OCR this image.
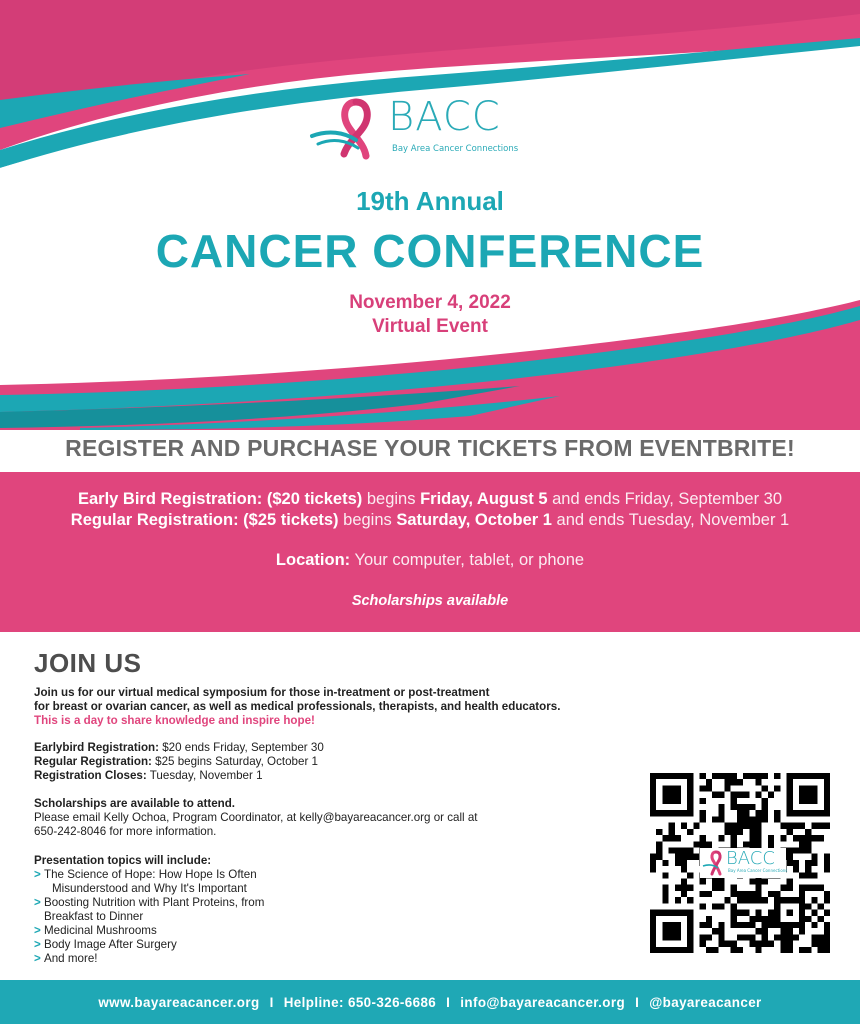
BACC
Bay Area Cancer Connections
19th Annual
CANCER CONFERENCE
November 4, 2022
Virtual Event
REGISTER AND PURCHASE YOUR TICKETS FROM EVENTBRITE!
Early Bird Registration: ($20 tickets) begins Friday, August 5 and ends Friday, September 30
Regular Registration: ($25 tickets) begins Saturday, October 1 and ends Tuesday, November 1
Location: Your computer, tablet, or phone
Scholarships available
JOIN US
Join us for our virtual medical symposium for those in-treatment or post-treatment
for breast or ovarian cancer, as well as medical professionals, therapists, and health educators.
This is a day to share knowledge and inspire hope!
Earlybird Registration: $20 ends Friday, September 30
Regular Registration: $25 begins Saturday, October 1
Registration Closes: Tuesday, November 1
Scholarships are available to attend.
Please email Kelly Ochoa, Program Coordinator, at kelly@bayareacancer.org or call at
650-242-8046 for more information.
Presentation topics will include:
> The Science of Hope: How Hope Is Often
Misunderstood and Why It's Important
> Boosting Nutrition with Plant Proteins, from
Breakfast to Dinner
> Medicinal Mushrooms
> Body Image After Surgery
> And more!
BACC
Bay Area Cancer Connections
www.bayareacancer.org I Helpline: 650-326-6686 I info@bayareacancer.org I @bayareacancer
